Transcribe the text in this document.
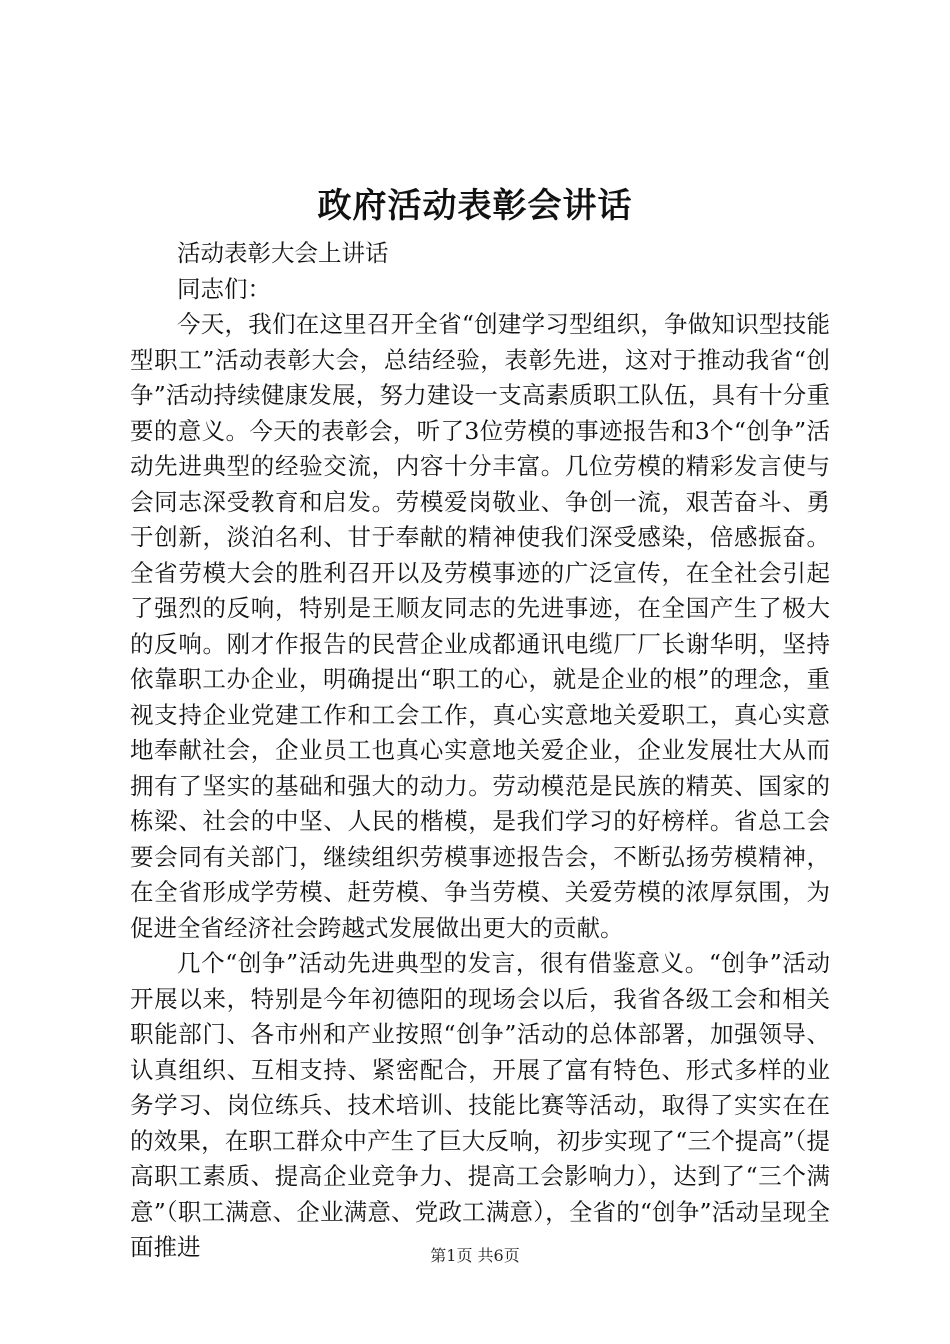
政府活动表彰会讲话

活动表彰大会上讲话

同志们：

今天，我们在这里召开全省“创建学习型组织，争做知识型技能型职工”活动表彰大会，总结经验，表彰先进，这对于推动我省“创争”活动持续健康发展，努力建设一支高素质职工队伍，具有十分重要的意义。今天的表彰会，听了3位劳模的事迹报告和3个“创争”活动先进典型的经验交流，内容十分丰富。几位劳模的精彩发言使与会同志深受教育和启发。劳模爱岗敬业、争创一流，艰苦奋斗、勇于创新，淡泊名利、甘于奉献的精神使我们深受感染，倍感振奋。全省劳模大会的胜利召开以及劳模事迹的广泛宣传，在全社会引起了强烈的反响，特别是王顺友同志的先进事迹，在全国产生了极大的反响。刚才作报告的民营企业成都通讯电缆厂厂长谢华明，坚持依靠职工办企业，明确提出“职工的心，就是企业的根”的理念，重视支持企业党建工作和工会工作，真心实意地关爱职工，真心实意地奉献社会，企业员工也真心实意地关爱企业，企业发展壮大从而拥有了坚实的基础和强大的动力。劳动模范是民族的精英、国家的栋梁、社会的中坚、人民的楷模，是我们学习的好榜样。省总工会要会同有关部门，继续组织劳模事迹报告会，不断弘扬劳模精神，在全省形成学劳模、赶劳模、争当劳模、关爱劳模的浓厚氛围，为促进全省经济社会跨越式发展做出更大的贡献。

几个“创争”活动先进典型的发言，很有借鉴意义。“创争”活动开展以来，特别是今年初德阳的现场会以后，我省各级工会和相关职能部门、各市州和产业按照“创争”活动的总体部署，加强领导、认真组织、互相支持、紧密配合，开展了富有特色、形式多样的业务学习、岗位练兵、技术培训、技能比赛等活动，取得了实实在在的效果，在职工群众中产生了巨大反响，初步实现了“三个提高”（提高职工素质、提高企业竞争力、提高工会影响力），达到了“三个满意”（职工满意、企业满意、党政工满意），全省的“创争”活动呈现全面推进	第1页 共6页
